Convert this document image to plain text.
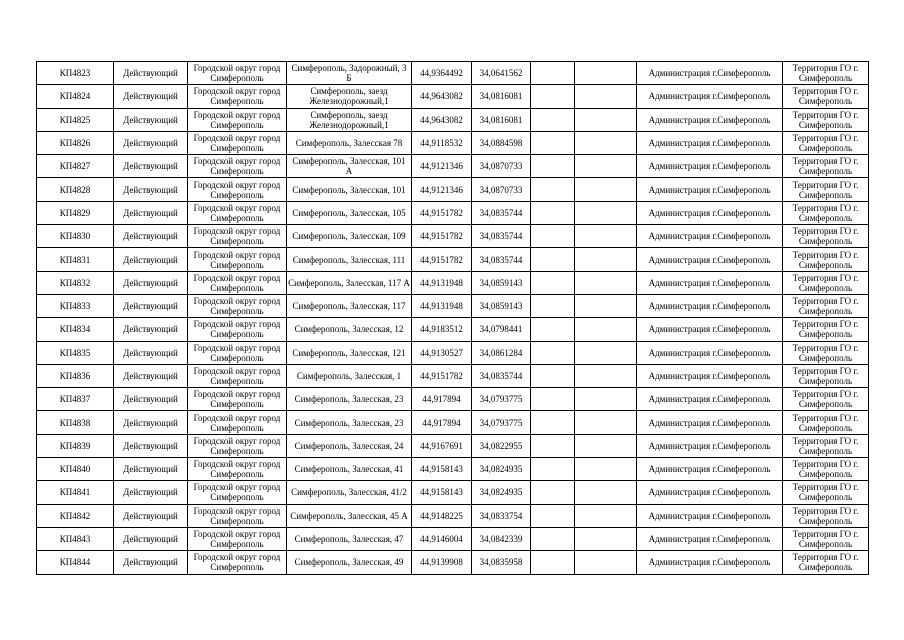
КП4823	Действующий	Городской округ город Симферополь	Симферополь, Задорожный, 3 Б	44,9364492	34,0641562			Администрация г.Симферополь	Территория ГО г. Симферополь
КП4824	Действующий	Городской округ город Симферополь	Симферополь, заезд Железнодорожный,1	44,9643082	34,0816081			Администрация г.Симферополь	Территория ГО г. Симферополь
КП4825	Действующий	Городской округ город Симферополь	Симферополь, заезд Железнодорожный,1	44,9643082	34,0816081			Администрация г.Симферополь	Территория ГО г. Симферополь
КП4826	Действующий	Городской округ город Симферополь	Симферополь, Залесская 78	44,9118532	34,0884598			Администрация г.Симферополь	Территория ГО г. Симферополь
КП4827	Действующий	Городской округ город Симферополь	Симферополь, Залесская, 101 А	44,9121346	34,0870733			Администрация г.Симферополь	Территория ГО г. Симферополь
КП4828	Действующий	Городской округ город Симферополь	Симферополь, Залесская, 101	44,9121346	34,0870733			Администрация г.Симферополь	Территория ГО г. Симферополь
КП4829	Действующий	Городской округ город Симферополь	Симферополь, Залесская, 105	44,9151782	34,0835744			Администрация г.Симферополь	Территория ГО г. Симферополь
КП4830	Действующий	Городской округ город Симферополь	Симферополь, Залесская, 109	44,9151782	34,0835744			Администрация г.Симферополь	Территория ГО г. Симферополь
КП4831	Действующий	Городской округ город Симферополь	Симферополь, Залесская, 111	44,9151782	34,0835744			Администрация г.Симферополь	Территория ГО г. Симферополь
КП4832	Действующий	Городской округ город Симферополь	Симферополь, Залесская, 117 А	44,9131948	34,0859143			Администрация г.Симферополь	Территория ГО г. Симферополь
КП4833	Действующий	Городской округ город Симферополь	Симферополь, Залесская, 117	44,9131948	34,0859143			Администрация г.Симферополь	Территория ГО г. Симферополь
КП4834	Действующий	Городской округ город Симферополь	Симферополь, Залесская, 12	44,9183512	34,0798441			Администрация г.Симферополь	Территория ГО г. Симферополь
КП4835	Действующий	Городской округ город Симферополь	Симферополь, Залесская, 121	44,9130527	34,0861284			Администрация г.Симферополь	Территория ГО г. Симферополь
КП4836	Действующий	Городской округ город Симферополь	Симферополь, Залесская, 1	44,9151782	34,0835744			Администрация г.Симферополь	Территория ГО г. Симферополь
КП4837	Действующий	Городской округ город Симферополь	Симферополь, Залесская, 23	44,917894	34,0793775			Администрация г.Симферополь	Территория ГО г. Симферополь
КП4838	Действующий	Городской округ город Симферополь	Симферополь, Залесская, 23	44,917894	34,0793775			Администрация г.Симферополь	Территория ГО г. Симферополь
КП4839	Действующий	Городской округ город Симферополь	Симферополь, Залесская, 24	44,9167691	34,0822955			Администрация г.Симферополь	Территория ГО г. Симферополь
КП4840	Действующий	Городской округ город Симферополь	Симферополь, Залесская, 41	44,9158143	34,0824935			Администрация г.Симферополь	Территория ГО г. Симферополь
КП4841	Действующий	Городской округ город Симферополь	Симферополь, Залесская, 41/2	44,9158143	34,0824935			Администрация г.Симферополь	Территория ГО г. Симферополь
КП4842	Действующий	Городской округ город Симферополь	Симферополь, Залесская, 45 А	44,9148225	34,0833754			Администрация г.Симферополь	Территория ГО г. Симферополь
КП4843	Действующий	Городской округ город Симферополь	Симферополь, Залесская, 47	44,9146004	34,0842339			Администрация г.Симферополь	Территория ГО г. Симферополь
КП4844	Действующий	Городской округ город Симферополь	Симферополь, Залесская, 49	44,9139908	34,0835958			Администрация г.Симферополь	Территория ГО г. Симферополь
